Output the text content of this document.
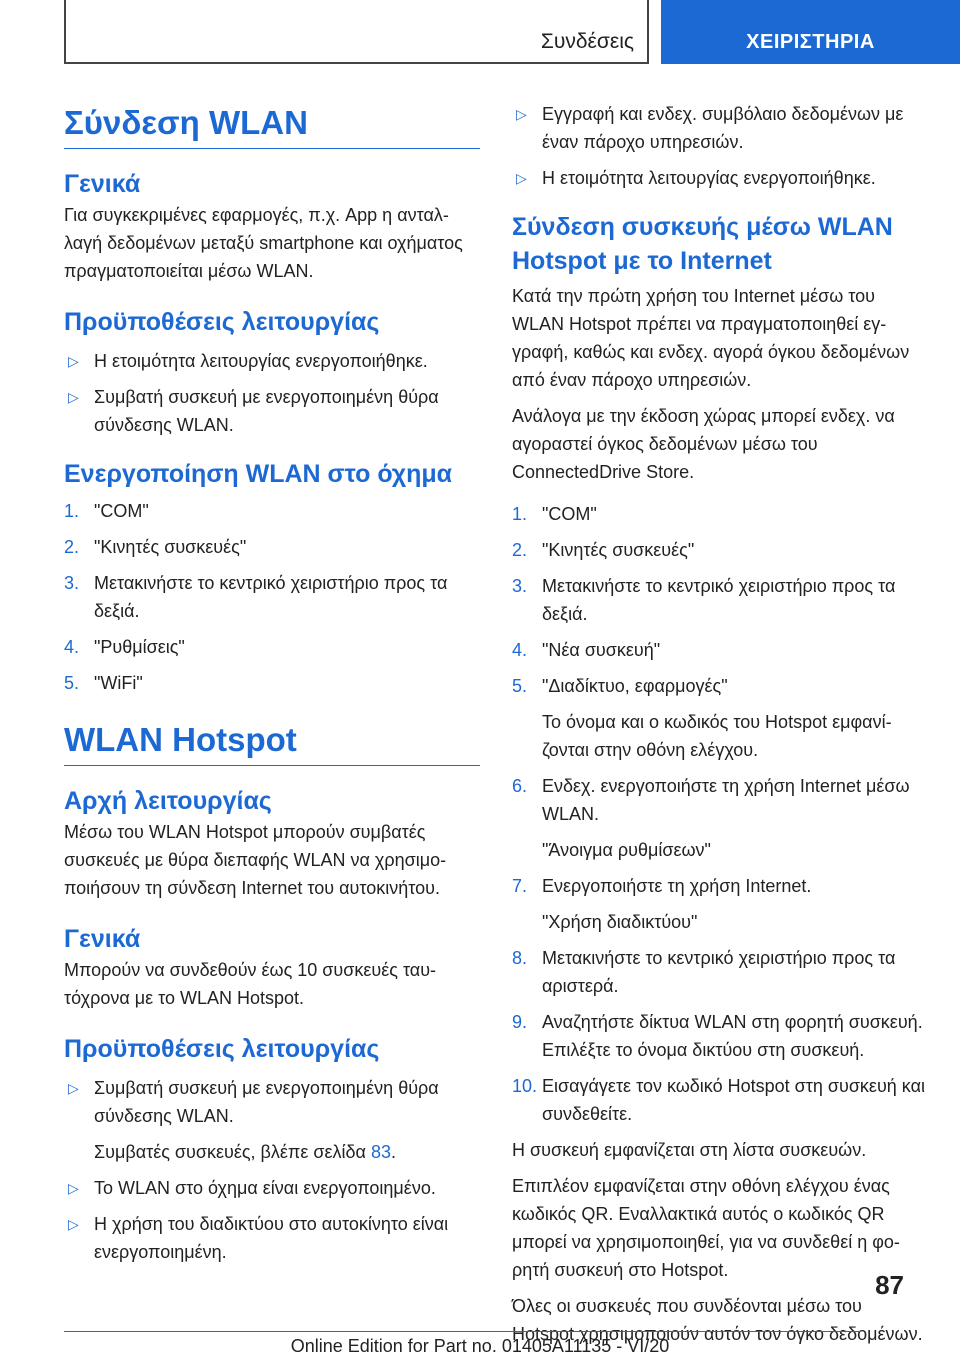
Συνδέσεις	ΧΕΙΡΙΣΤΗΡΙΑ
Σύνδεση WLAN
Γενικά

Για συγκεκριμένες εφαρμογές, π.χ. App η ανταλλαγή δεδομένων μεταξύ smartphone και οχήματος πραγματοποιείται μέσω WLAN.

Προϋποθέσεις λειτουργίας
▷ Η ετοιμότητα λειτουργίας ενεργοποιήθηκε.
▷ Συμβατή συσκευή με ενεργοποιημένη θύρα σύνδεσης WLAN.
Ενεργοποίηση WLAN στο όχημα
1. "COM"
2. "Κινητές συσκευές"
3. Μετακινήστε το κεντρικό χειριστήριο προς τα δεξιά.
4. "Ρυθμίσεις"
5. "WiFi"
WLAN Hotspot
Αρχή λειτουργίας

Μέσω του WLAN Hotspot μπορούν συμβατές συσκευές με θύρα διεπαφής WLAN να χρησιμοποιήσουν τη σύνδεση Internet του αυτοκινήτου.

Γενικά

Μπορούν να συνδεθούν έως 10 συσκευές ταυτόχρονα με το WLAN Hotspot.

Προϋποθέσεις λειτουργίας
▷ Συμβατή συσκευή με ενεργοποιημένη θύρα σύνδεσης WLAN.
Συμβατές συσκευές, βλέπε σελίδα 83.
▷ Το WLAN στο όχημα είναι ενεργοποιημένο.
▷ Η χρήση του διαδικτύου στο αυτοκίνητο είναι ενεργοποιημένη.
▷ Εγγραφή και ενδεχ. συμβόλαιο δεδομένων με έναν πάροχο υπηρεσιών.
▷ Η ετοιμότητα λειτουργίας ενεργοποιήθηκε.
Σύνδεση συσκευής μέσω WLAN Hotspot με το Internet

Κατά την πρώτη χρήση του Internet μέσω του WLAN Hotspot πρέπει να πραγματοποιηθεί εγγραφή, καθώς και ενδεχ. αγορά όγκου δεδομένων από έναν πάροχο υπηρεσιών.

Ανάλογα με την έκδοση χώρας μπορεί ενδεχ. να αγοραστεί όγκος δεδομένων μέσω του ConnectedDrive Store.

1. "COM"
2. "Κινητές συσκευές"
3. Μετακινήστε το κεντρικό χειριστήριο προς τα δεξιά.
4. "Νέα συσκευή"
5. "Διαδίκτυο, εφαρμογές"
Το όνομα και ο κωδικός του Hotspot εμφανίζονται στην οθόνη ελέγχου.
6. Ενδεχ. ενεργοποιήστε τη χρήση Internet μέσω WLAN.
"Άνοιγμα ρυθμίσεων"
7. Ενεργοποιήστε τη χρήση Internet.
"Χρήση διαδικτύου"
8. Μετακινήστε το κεντρικό χειριστήριο προς τα αριστερά.
9. Αναζητήστε δίκτυα WLAN στη φορητή συσκευή. Επιλέξτε το όνομα δικτύου στη συσκευή.
10. Εισαγάγετε τον κωδικό Hotspot στη συσκευή και συνδεθείτε.

Η συσκευή εμφανίζεται στη λίστα συσκευών.

Επιπλέον εμφανίζεται στην οθόνη ελέγχου ένας κωδικός QR. Εναλλακτικά αυτός ο κωδικός QR μπορεί να χρησιμοποιηθεί, για να συνδεθεί η φορητή συσκευή στο Hotspot.

Όλες οι συσκευές που συνδέονται μέσω του Hotspot χρησιμοποιούν αυτόν τον όγκο δεδομένων.

87
Online Edition for Part no. 01405A11135 - VI/20
